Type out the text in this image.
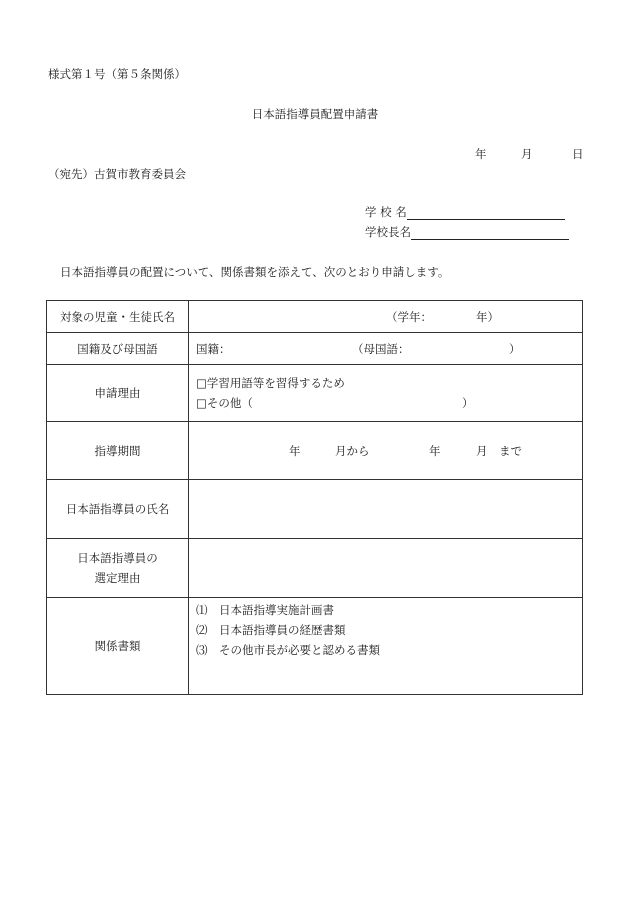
様式第１号（第５条関係）
日本語指導員配置申請書
年	月	日
（宛先）古賀市教育委員会
学 校 名
学校長名
日本語指導員の配置について、関係書類を添えて、次のとおり申請します。
対象の児童・生徒氏名	（学年： 年）

国籍及び母国語	国籍： （母国語： ）

申請理由	□学習用語等を習得するため
□その他（ ）

指導期間	年 月から 年 月　まで

日本語指導員の氏名	

日本語指導員の
選定理由	

関係書類	⑴　日本語指導実施計画書
⑵　日本語指導員の経歴書類
⑶　その他市長が必要と認める書類
